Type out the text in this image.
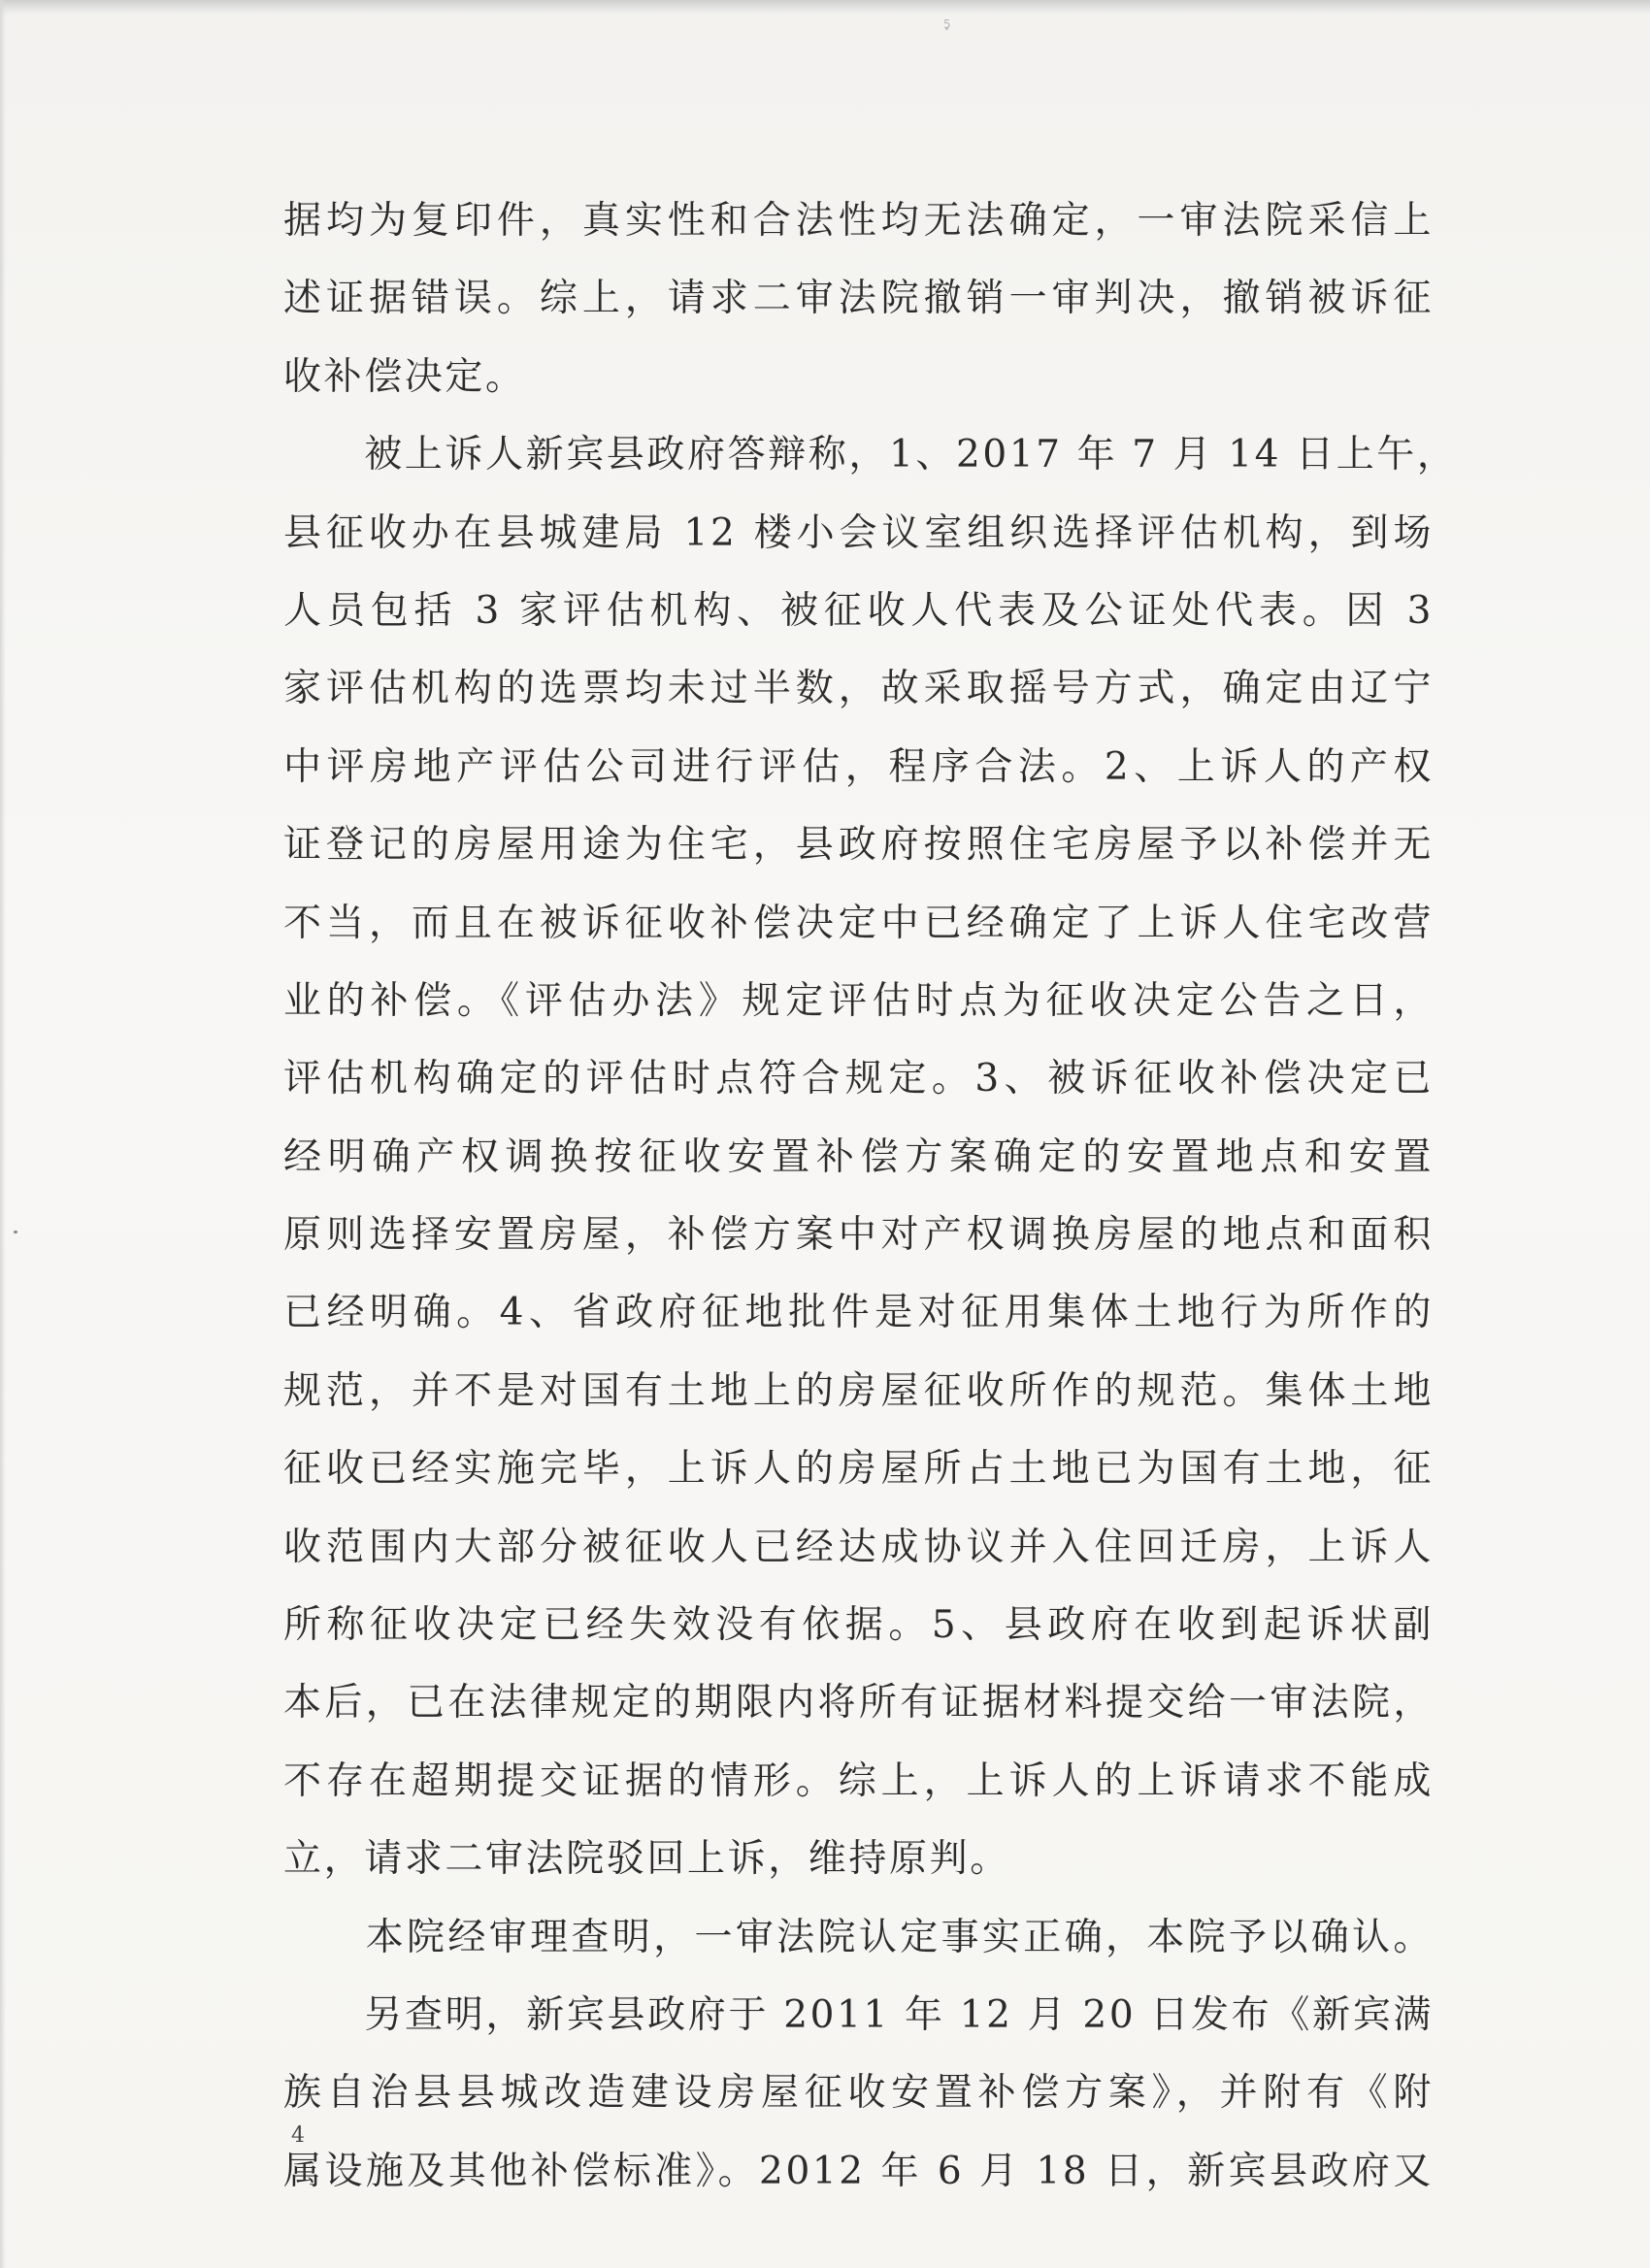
5
据均为复印件，真实性和合法性均无法确定，一审法院采信上
述证据错误。综上，请求二审法院撤销一审判决，撤销被诉征
收补偿决定。
　　被上诉人新宾县政府答辩称，1、2017 年 7 月 14 日上午，
县征收办在县城建局 12 楼小会议室组织选择评估机构，到场
人员包括 3 家评估机构、被征收人代表及公证处代表。因 3
家评估机构的选票均未过半数，故采取摇号方式，确定由辽宁
中评房地产评估公司进行评估，程序合法。2、上诉人的产权
证登记的房屋用途为住宅，县政府按照住宅房屋予以补偿并无
不当，而且在被诉征收补偿决定中已经确定了上诉人住宅改营
业的补偿。《评估办法》规定评估时点为征收决定公告之日，
评估机构确定的评估时点符合规定。3、被诉征收补偿决定已
经明确产权调换按征收安置补偿方案确定的安置地点和安置
原则选择安置房屋，补偿方案中对产权调换房屋的地点和面积
已经明确。4、省政府征地批件是对征用集体土地行为所作的
规范，并不是对国有土地上的房屋征收所作的规范。集体土地
征收已经实施完毕，上诉人的房屋所占土地已为国有土地，征
收范围内大部分被征收人已经达成协议并入住回迁房，上诉人
所称征收决定已经失效没有依据。5、县政府在收到起诉状副
本后，已在法律规定的期限内将所有证据材料提交给一审法院，
不存在超期提交证据的情形。综上，上诉人的上诉请求不能成
立，请求二审法院驳回上诉，维持原判。
　　本院经审理查明，一审法院认定事实正确，本院予以确认。
　　另查明，新宾县政府于 2011 年 12 月 20 日发布《新宾满
族自治县县城改造建设房屋征收安置补偿方案》，并附有《附
属设施及其他补偿标准》。2012 年 6 月 18 日，新宾县政府又
4
